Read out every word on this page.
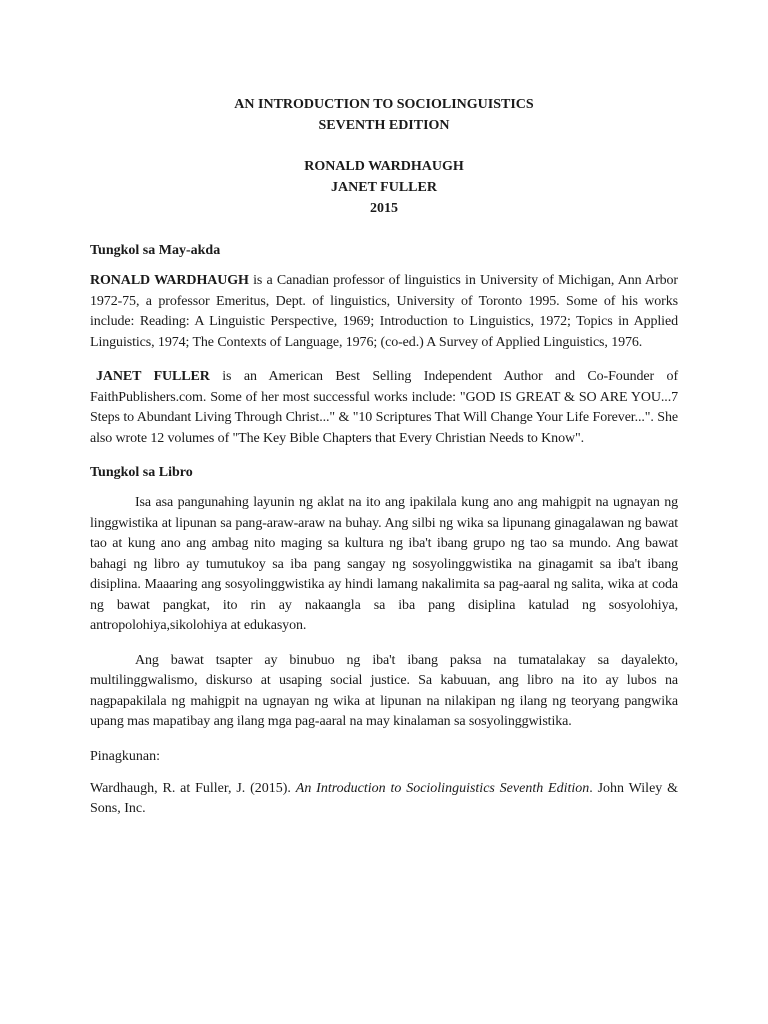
AN INTRODUCTION TO SOCIOLINGUISTICS
SEVENTH EDITION
RONALD WARDHAUGH
JANET FULLER
2015
Tungkol sa May-akda

RONALD WARDHAUGH is a Canadian professor of linguistics in University of Michigan, Ann Arbor 1972-75, a professor Emeritus, Dept. of linguistics, University of Toronto 1995. Some of his works include: Reading: A Linguistic Perspective, 1969; Introduction to Linguistics, 1972; Topics in Applied Linguistics, 1974; The Contexts of Language, 1976; (co-ed.) A Survey of Applied Linguistics, 1976.

JANET FULLER is an American Best Selling Independent Author and Co-Founder of FaithPublishers.com. Some of her most successful works include: "GOD IS GREAT & SO ARE YOU...7 Steps to Abundant Living Through Christ..." & "10 Scriptures That Will Change Your Life Forever...". She also wrote 12 volumes of "The Key Bible Chapters that Every Christian Needs to Know".

Tungkol sa Libro

Isa asa pangunahing layunin ng aklat na ito ang ipakilala kung ano ang mahigpit na ugnayan ng linggwistika at lipunan sa pang-araw-araw na buhay. Ang silbi ng wika sa lipunang ginagalawan ng bawat tao at kung ano ang ambag nito maging sa kultura ng iba't ibang grupo ng tao sa mundo. Ang bawat bahagi ng libro ay tumutukoy sa iba pang sangay ng sosyolinggwistika na ginagamit sa iba't ibang disiplina. Maaaring ang sosyolinggwistika ay hindi lamang nakalimita sa pag-aaral ng salita, wika at coda ng bawat pangkat, ito rin ay nakaangla sa iba pang disiplina katulad ng sosyolohiya, antropolohiya,sikolohiya at edukasyon.

Ang bawat tsapter ay binubuo ng iba't ibang paksa na tumatalakay sa dayalekto, multilinggwalismo, diskurso at usaping social justice. Sa kabuuan, ang libro na ito ay lubos na nagpapakilala ng mahigpit na ugnayan ng wika at lipunan na nilakipan ng ilang ng teoryang pangwika upang mas mapatibay ang ilang mga pag-aaral na may kinalaman sa sosyolinggwistika.

Pinagkunan:

Wardhaugh, R. at Fuller, J. (2015). An Introduction to Sociolinguistics Seventh Edition. John Wiley & Sons, Inc.
